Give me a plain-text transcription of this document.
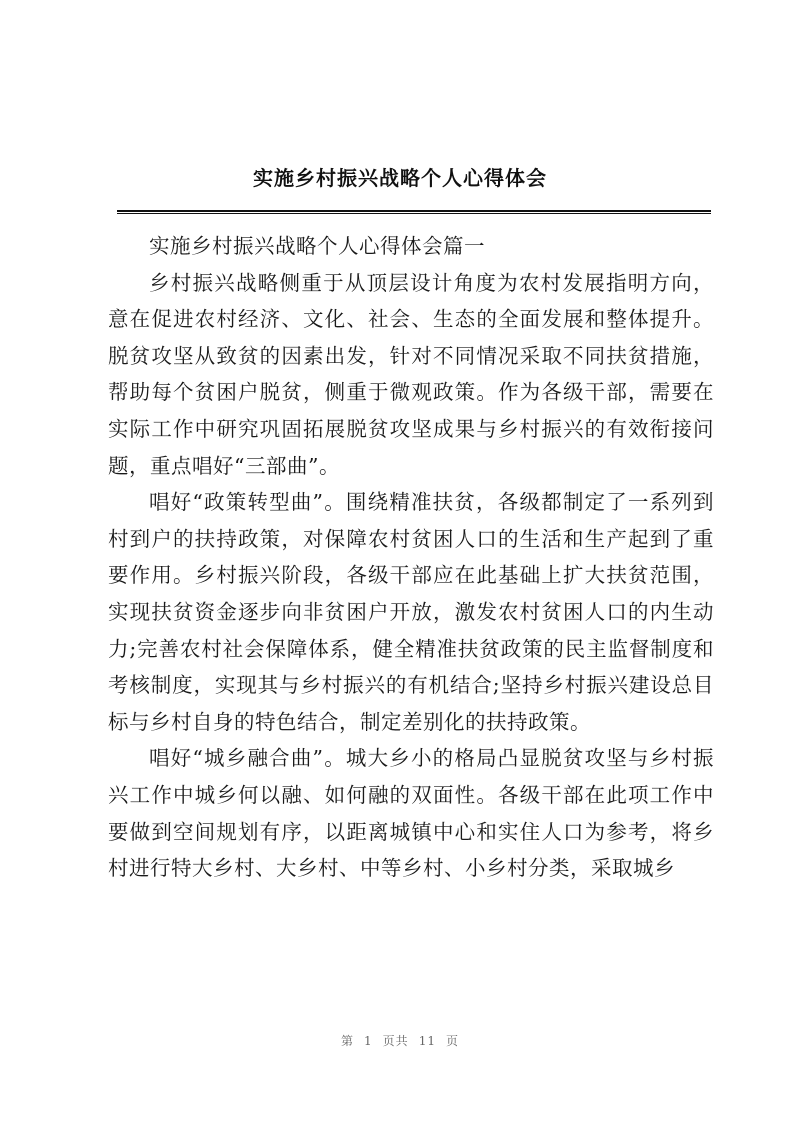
实施乡村振兴战略个人心得体会

实施乡村振兴战略个人心得体会篇一

乡村振兴战略侧重于从顶层设计角度为农村发展指明方向，意在促进农村经济、文化、社会、生态的全面发展和整体提升。脱贫攻坚从致贫的因素出发，针对不同情况采取不同扶贫措施，帮助每个贫困户脱贫，侧重于微观政策。作为各级干部，需要在实际工作中研究巩固拓展脱贫攻坚成果与乡村振兴的有效衔接问题，重点唱好“三部曲”。

唱好“政策转型曲”。围绕精准扶贫，各级都制定了一系列到村到户的扶持政策，对保障农村贫困人口的生活和生产起到了重要作用。乡村振兴阶段，各级干部应在此基础上扩大扶贫范围，实现扶贫资金逐步向非贫困户开放，激发农村贫困人口的内生动力;完善农村社会保障体系，健全精准扶贫政策的民主监督制度和考核制度，实现其与乡村振兴的有机结合;坚持乡村振兴建设总目标与乡村自身的特色结合，制定差别化的扶持政策。

唱好“城乡融合曲”。城大乡小的格局凸显脱贫攻坚与乡村振兴工作中城乡何以融、如何融的双面性。各级干部在此项工作中要做到空间规划有序，以距离城镇中心和实住人口为参考，将乡村进行特大乡村、大乡村、中等乡村、小乡村分类，采取城乡

第 1 页共 11 页
